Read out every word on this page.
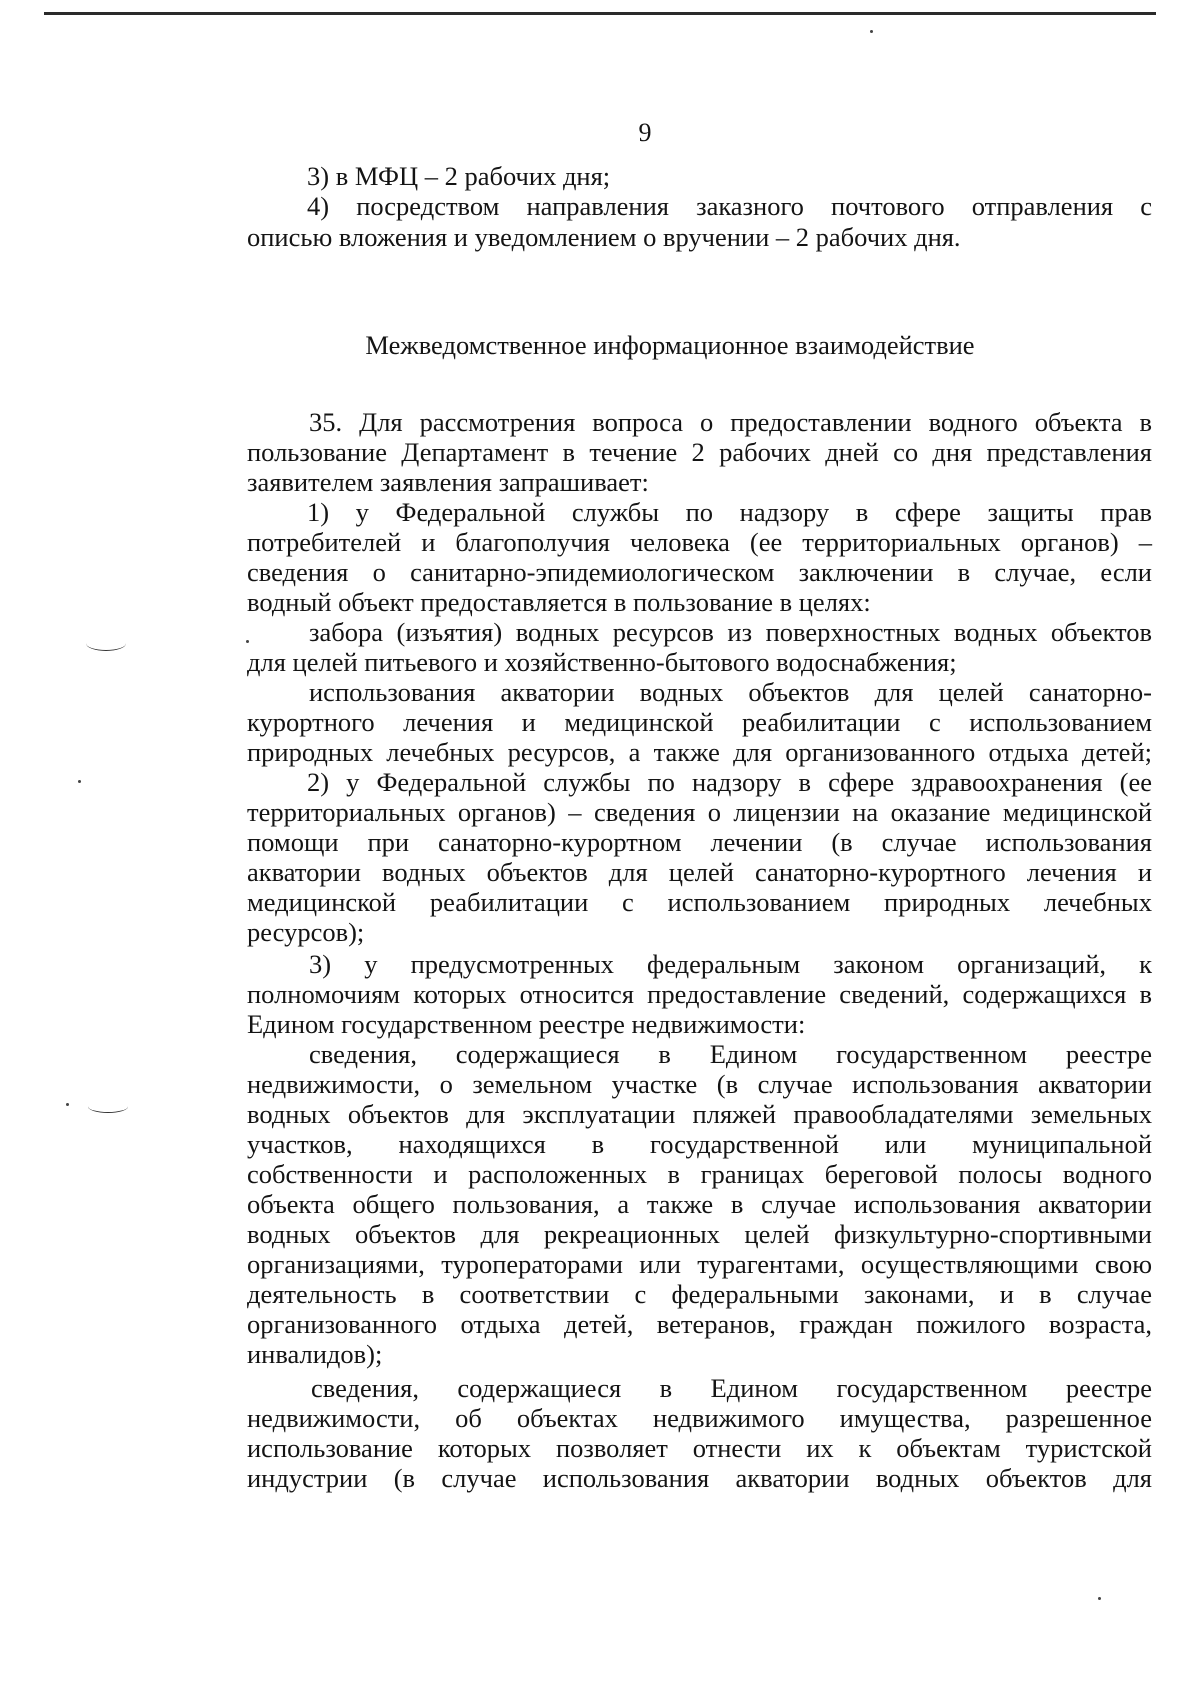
9
3) в МФЦ – 2 рабочих дня;
4) посредством направления заказного почтового отправления с
описью вложения и уведомлением о вручении – 2 рабочих дня.
Межведомственное информационное взаимодействие
35. Для рассмотрения вопроса о предоставлении водного объекта в
пользование Департамент в течение 2 рабочих дней со дня представления
заявителем заявления запрашивает:
1) у Федеральной службы по надзору в сфере защиты прав
потребителей и благополучия человека (ее территориальных органов) –
сведения о санитарно-эпидемиологическом заключении в случае, если
водный объект предоставляется в пользование в целях:
забора (изъятия) водных ресурсов из поверхностных водных объектов
для целей питьевого и хозяйственно-бытового водоснабжения;
использования акватории водных объектов для целей санаторно-
курортного лечения и медицинской реабилитации с использованием
природных лечебных ресурсов, а также для организованного отдыха детей;
2) у Федеральной службы по надзору в сфере здравоохранения (ее
территориальных органов) – сведения о лицензии на оказание медицинской
помощи при санаторно-курортном лечении (в случае использования
акватории водных объектов для целей санаторно-курортного лечения и
медицинской реабилитации с использованием природных лечебных
ресурсов);
3) у предусмотренных федеральным законом организаций, к
полномочиям которых относится предоставление сведений, содержащихся в
Едином государственном реестре недвижимости:
сведения, содержащиеся в Едином государственном реестре
недвижимости, о земельном участке (в случае использования акватории
водных объектов для эксплуатации пляжей правообладателями земельных
участков, находящихся в государственной или муниципальной
собственности и расположенных в границах береговой полосы водного
объекта общего пользования, а также в случае использования акватории
водных объектов для рекреационных целей физкультурно-спортивными
организациями, туроператорами или турагентами, осуществляющими свою
деятельность в соответствии с федеральными законами, и в случае
организованного отдыха детей, ветеранов, граждан пожилого возраста,
инвалидов);
сведения, содержащиеся в Едином государственном реестре
недвижимости, об объектах недвижимого имущества, разрешенное
использование которых позволяет отнести их к объектам туристской
индустрии (в случае использования акватории водных объектов для
